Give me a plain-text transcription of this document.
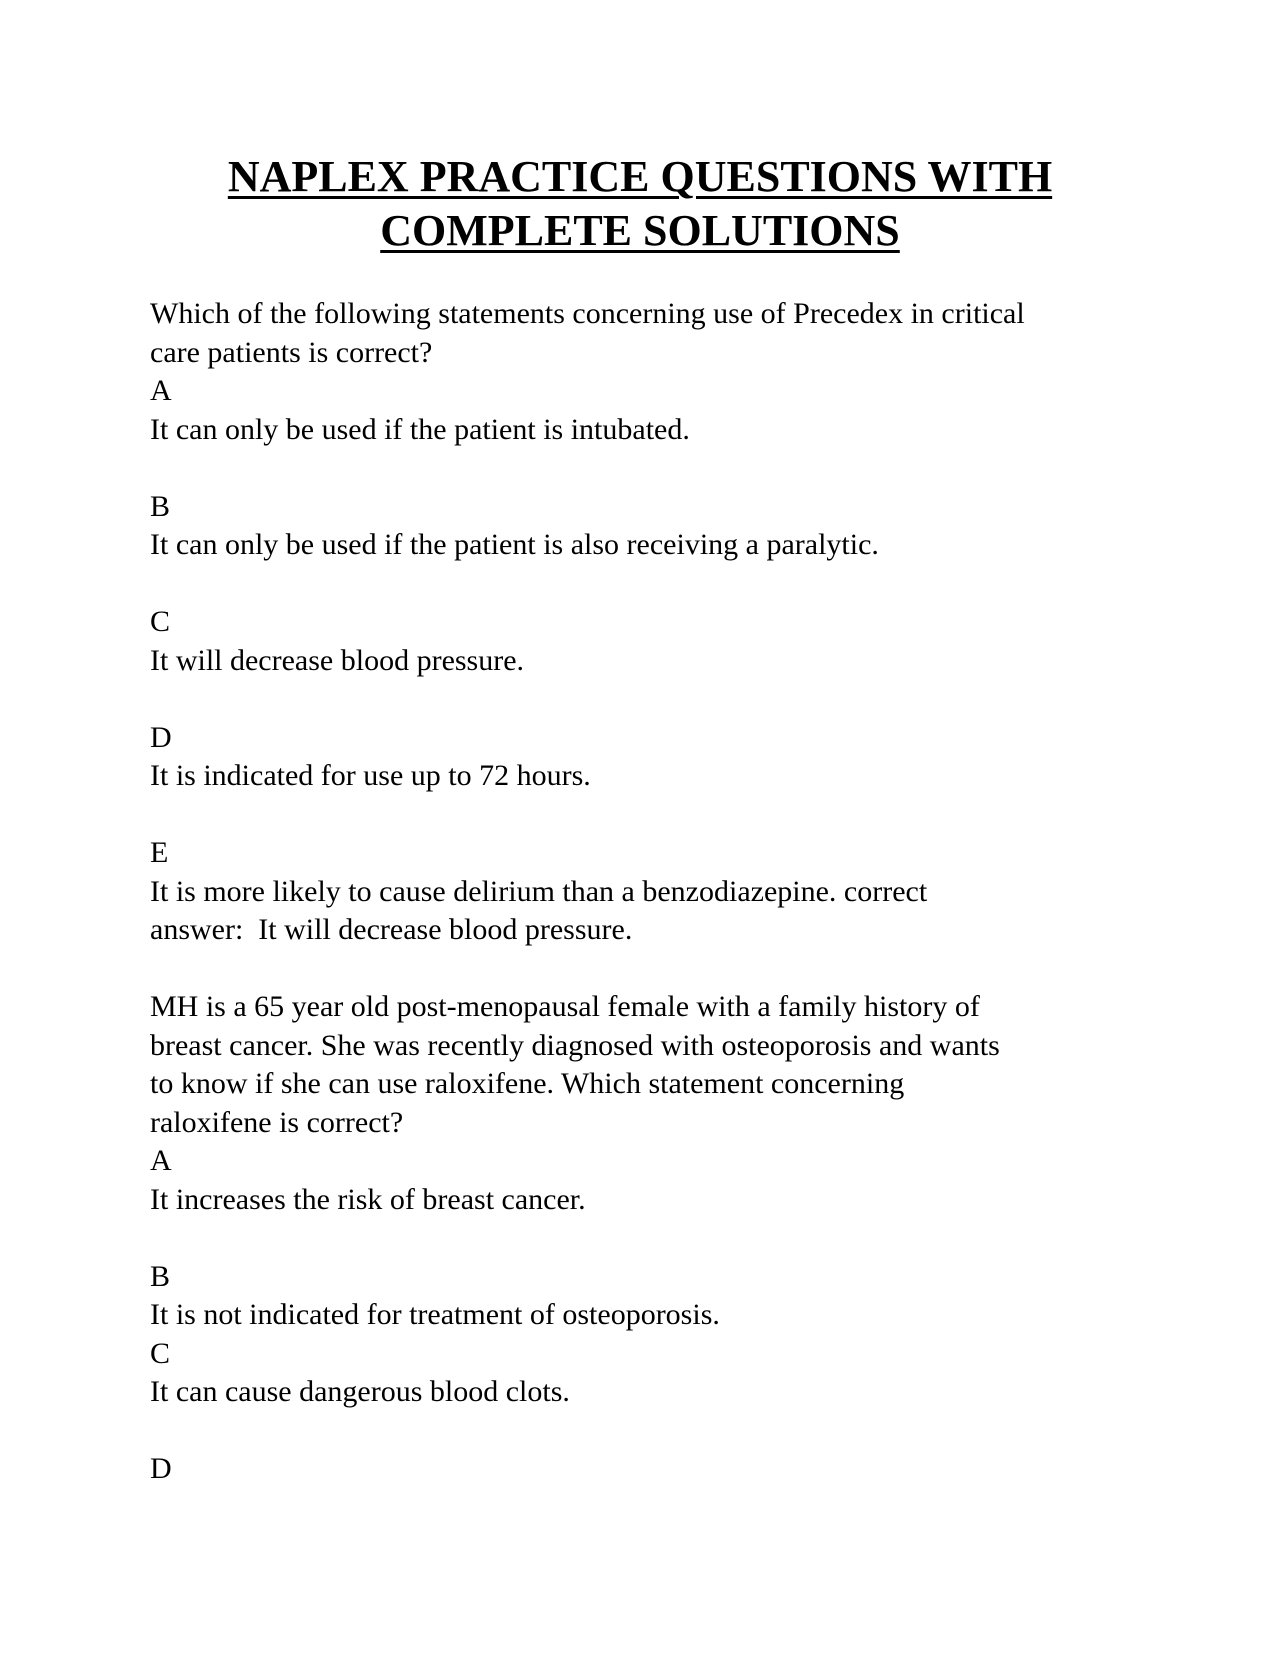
NAPLEX PRACTICE QUESTIONS WITH
COMPLETE SOLUTIONS
Which of the following statements concerning use of Precedex in critical
care patients is correct?
A
It can only be used if the patient is intubated.
B
It can only be used if the patient is also receiving a paralytic.
C
It will decrease blood pressure.
D
It is indicated for use up to 72 hours.
E
It is more likely to cause delirium than a benzodiazepine. correct
answer:  It will decrease blood pressure.
MH is a 65 year old post-menopausal female with a family history of
breast cancer. She was recently diagnosed with osteoporosis and wants
to know if she can use raloxifene. Which statement concerning
raloxifene is correct?
A
It increases the risk of breast cancer.
B
It is not indicated for treatment of osteoporosis.
C
It can cause dangerous blood clots.
D
